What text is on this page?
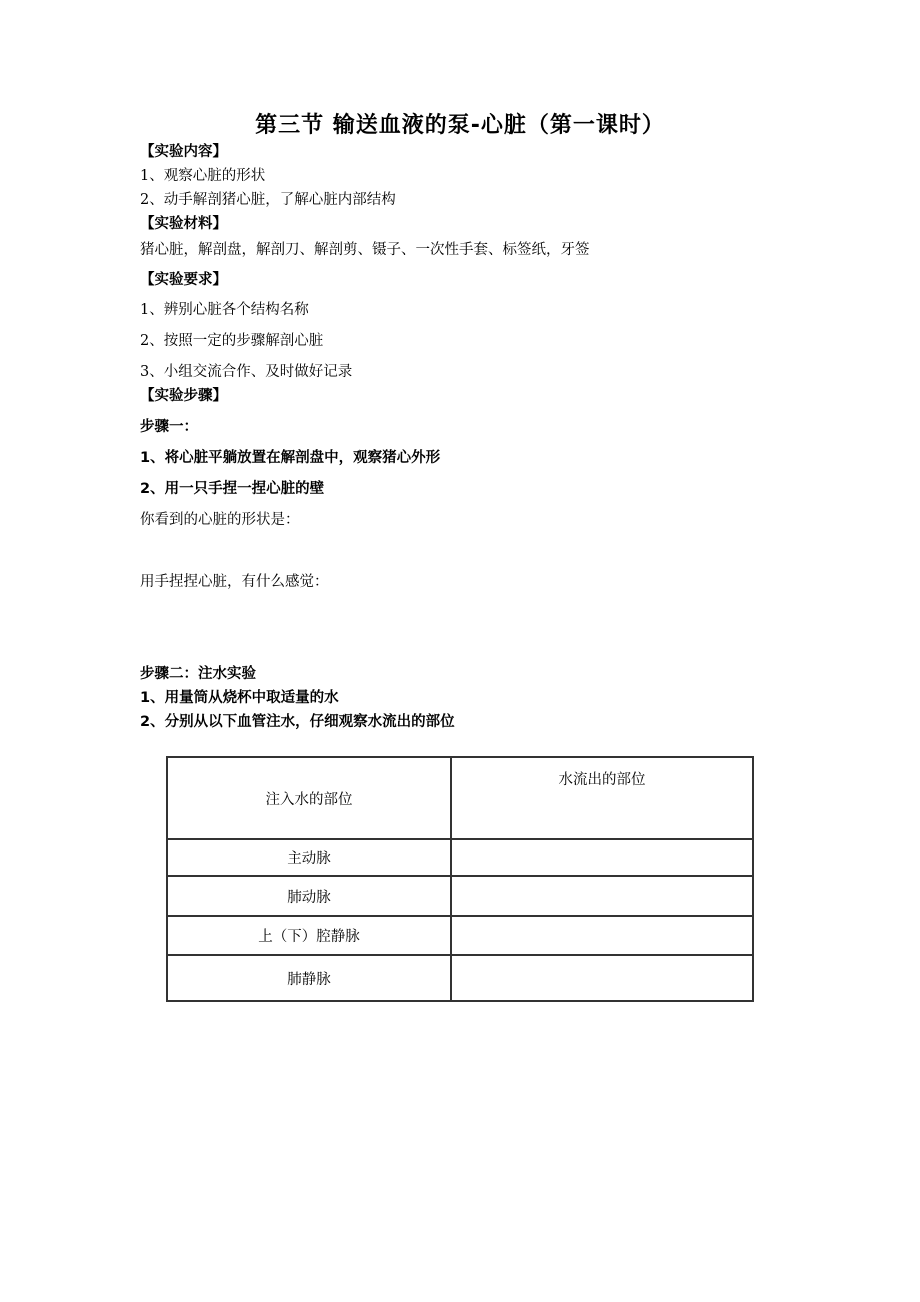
第三节 输送血液的泵-心脏（第一课时）
【实验内容】
1、观察心脏的形状
2、动手解剖猪心脏，了解心脏内部结构
【实验材料】
猪心脏，解剖盘，解剖刀、解剖剪、镊子、一次性手套、标签纸，牙签
【实验要求】
1、辨别心脏各个结构名称
2、按照一定的步骤解剖心脏
3、小组交流合作、及时做好记录
【实验步骤】
步骤一：
1、将心脏平躺放置在解剖盘中，观察猪心外形
2、用一只手捏一捏心脏的壁
你看到的心脏的形状是：
用手捏捏心脏，有什么感觉：
步骤二：注水实验
1、用量筒从烧杯中取适量的水
2、分别从以下血管注水，仔细观察水流出的部位
注入水的部位	水流出的部位

主动脉	
肺动脉	
上（下）腔静脉	
肺静脉	
